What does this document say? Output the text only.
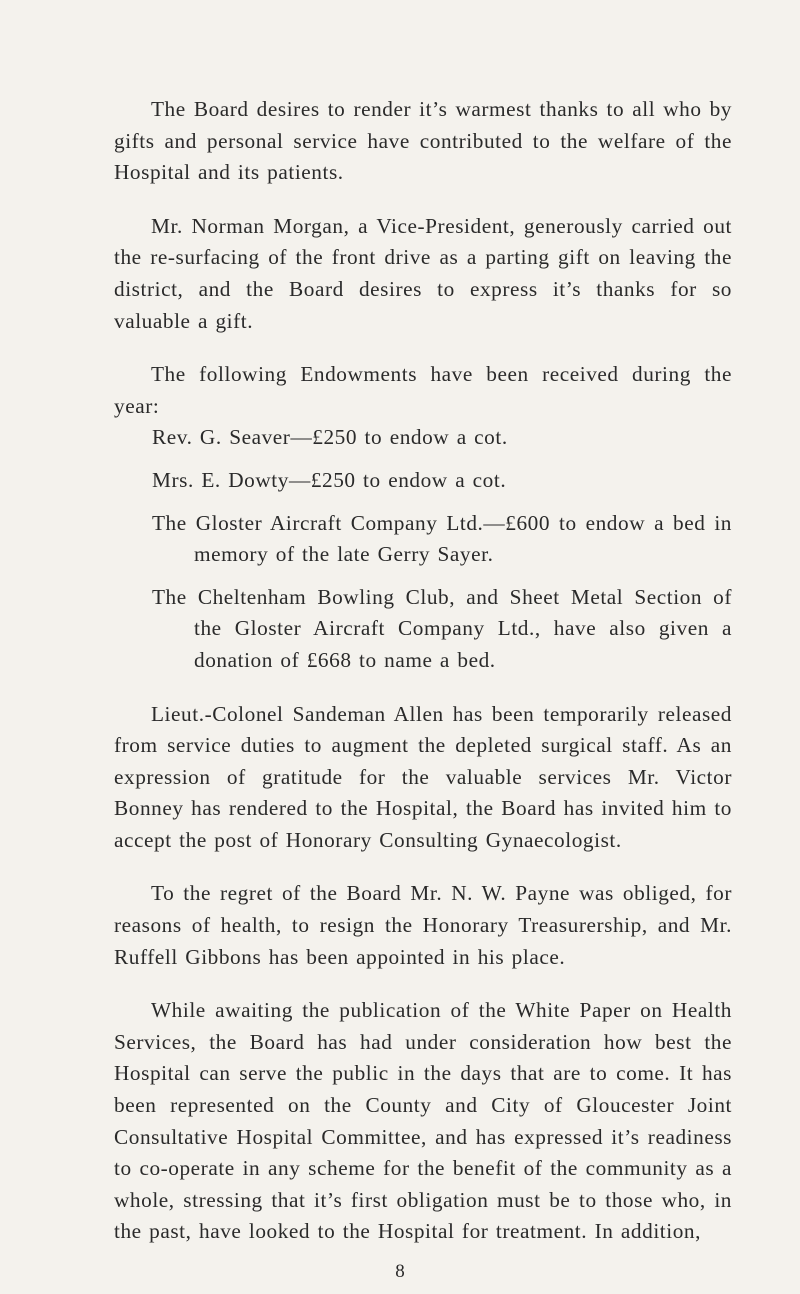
The Board desires to render it’s warmest thanks to all who by gifts and personal service have contributed to the welfare of the Hospital and its patients.

Mr. Norman Morgan, a Vice-President, generously carried out the re-surfacing of the front drive as a parting gift on leaving the district, and the Board desires to express it’s thanks for so valuable a gift.

The following Endowments have been received during the year:

Rev. G. Seaver—£250 to endow a cot.
Mrs. E. Dowty—£250 to endow a cot.
The Gloster Aircraft Company Ltd.—£600 to endow a bed in memory of the late Gerry Sayer.
The Cheltenham Bowling Club, and Sheet Metal Section of the Gloster Aircraft Company Ltd., have also given a donation of £668 to name a bed.

Lieut.-Colonel Sandeman Allen has been temporarily released from service duties to augment the depleted surgical staff. As an expression of gratitude for the valuable services Mr. Victor Bonney has rendered to the Hospital, the Board has invited him to accept the post of Honorary Consulting Gynaecologist.

To the regret of the Board Mr. N. W. Payne was obliged, for reasons of health, to resign the Honorary Treasurership, and Mr. Ruffell Gibbons has been appointed in his place.

While awaiting the publication of the White Paper on Health Services, the Board has had under consideration how best the Hospital can serve the public in the days that are to come. It has been represented on the County and City of Gloucester Joint Consultative Hospital Committee, and has expressed it’s readiness to co-operate in any scheme for the benefit of the community as a whole, stressing that it’s first obligation must be to those who, in the past, have looked to the Hospital for treatment. In addition,

8
